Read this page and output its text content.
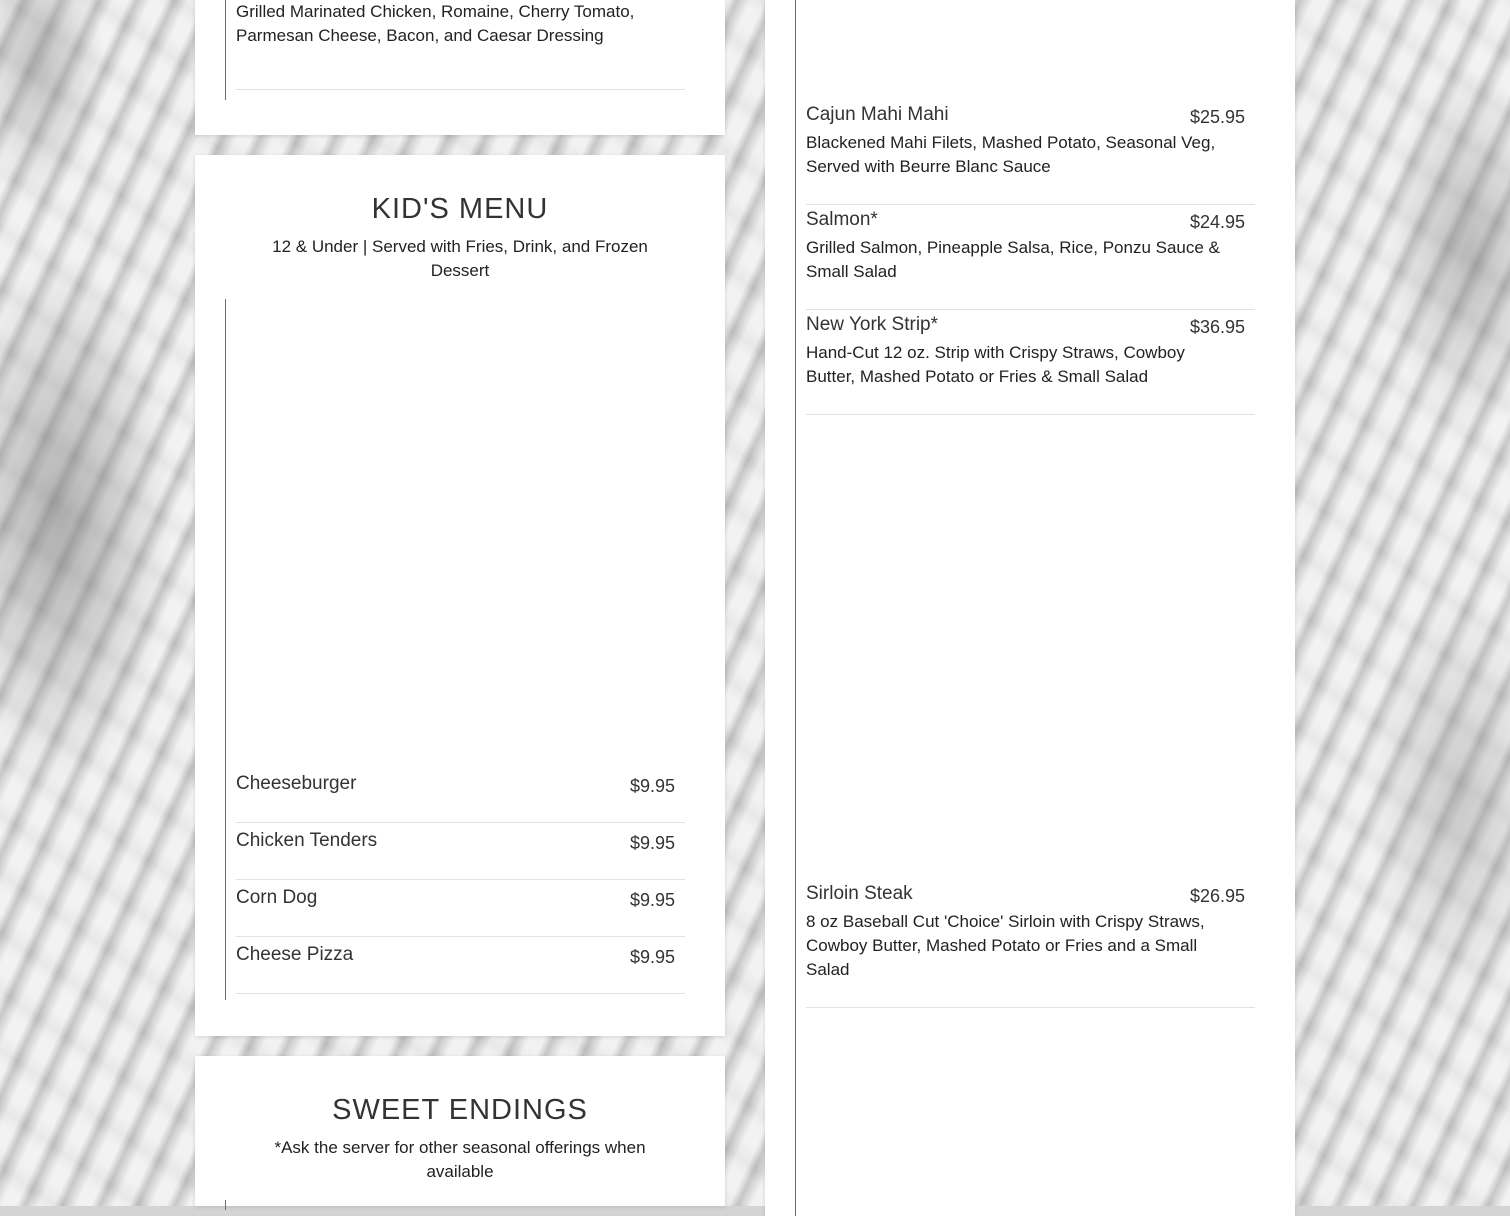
Grilled Marinated Chicken, Romaine, Cherry Tomato, Parmesan Cheese, Bacon, and Caesar Dressing
KID'S MENU
12 & Under | Served with Fries, Drink, and Frozen Dessert
Cheeseburger	$9.95
Chicken Tenders	$9.95
Corn Dog	$9.95
Cheese Pizza	$9.95
SWEET ENDINGS
*Ask the server for other seasonal offerings when available
Cajun Mahi Mahi	$25.95
Blackened Mahi Filets, Mashed Potato, Seasonal Veg, Served with Beurre Blanc Sauce
Salmon*	$24.95
Grilled Salmon, Pineapple Salsa, Rice, Ponzu Sauce & Small Salad
New York Strip*	$36.95
Hand-Cut 12 oz. Strip with Crispy Straws, Cowboy Butter, Mashed Potato or Fries & Small Salad
Sirloin Steak	$26.95
8 oz Baseball Cut 'Choice' Sirloin with Crispy Straws, Cowboy Butter, Mashed Potato or Fries and a Small Salad
